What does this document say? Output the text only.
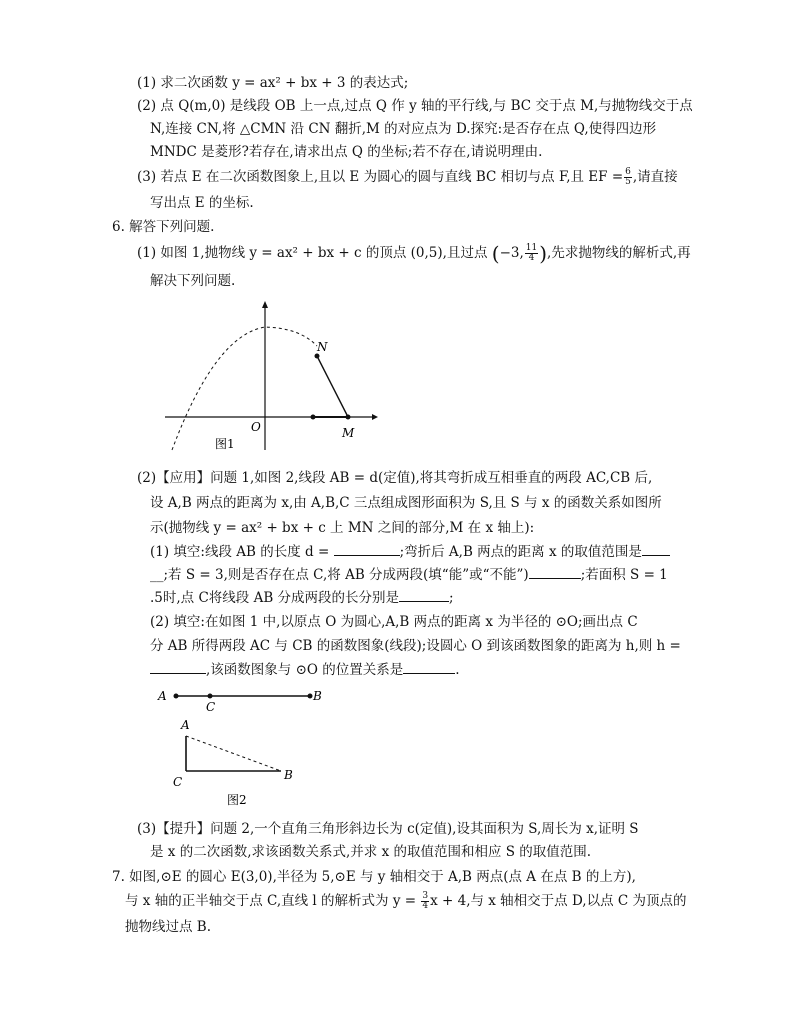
(1) 求二次函数 y = ax² + bx + 3 的表达式;
(2) 点 Q(m,0) 是线段 OB 上一点,过点 Q 作 y 轴的平行线,与 BC 交于点 M,与抛物线交于点
N,连接 CN,将 △CMN 沿 CN 翻折,M 的对应点为 D.探究:是否存在点 Q,使得四边形
MNDC 是菱形?若存在,请求出点 Q 的坐标;若不存在,请说明理由.
(3) 若点 E 在二次函数图象上,且以 E 为圆心的圆与直线 BC 相切与点 F,且 EF = $\frac{6}{5}$ ,请直接
写出点 E 的坐标.
6. 解答下列问题.
(1) 如图 1,抛物线 y = ax² + bx + c 的顶点 (0,5),且过点 (−3, $\frac{11}{4}$ ),先求抛物线的解析式,再
解决下列问题.
N
O	M
图1
(2)【应用】问题 1,如图 2,线段 AB = d(定值),将其弯折成互相垂直的两段 AC,CB 后,
设 A,B 两点的距离为 x,由 A,B,C 三点组成图形面积为 S,且 S 与 x 的函数关系如图所
示(抛物线 y = ax² + bx + c 上 MN 之间的部分,M 在 x 轴上):
(1) 填空:线段 AB 的长度 d =	;弯折后 A,B 两点的距离 x 的取值范围是
__;若 S = 3,则是否存在点 C,将 AB 分成两段(填“能”或“不能”)	;若面积 S = 1
.5时,点 C将线段 AB 分成两段的长分别是	;
(2) 填空:在如图 1 中,以原点 O 为圆心,A,B 两点的距离 x 为半径的 ⊙O;画出点 C
分 AB 所得两段 AC 与 CB 的函数图象(线段);设圆心 O 到该函数图象的距离为 h,则 h =
,该函数图象与 ⊙O 的位置关系是	.
A
C
B
A
C	B
图2
(3)【提升】问题 2,一个直角三角形斜边长为 c(定值),设其面积为 S,周长为 x,证明 S
是 x 的二次函数,求该函数关系式,并求 x 的取值范围和相应 S 的取值范围.
7. 如图,⊙E 的圆心 E(3,0),半径为 5,⊙E 与 y 轴相交于 A,B 两点(点 A 在点 B 的上方),
与 x 轴的正半轴交于点 C,直线 l 的解析式为 $y = \frac{3}{4}$ x + 4,与 x 轴相交于点 D,以点 C 为顶点的
抛物线过点 B.
